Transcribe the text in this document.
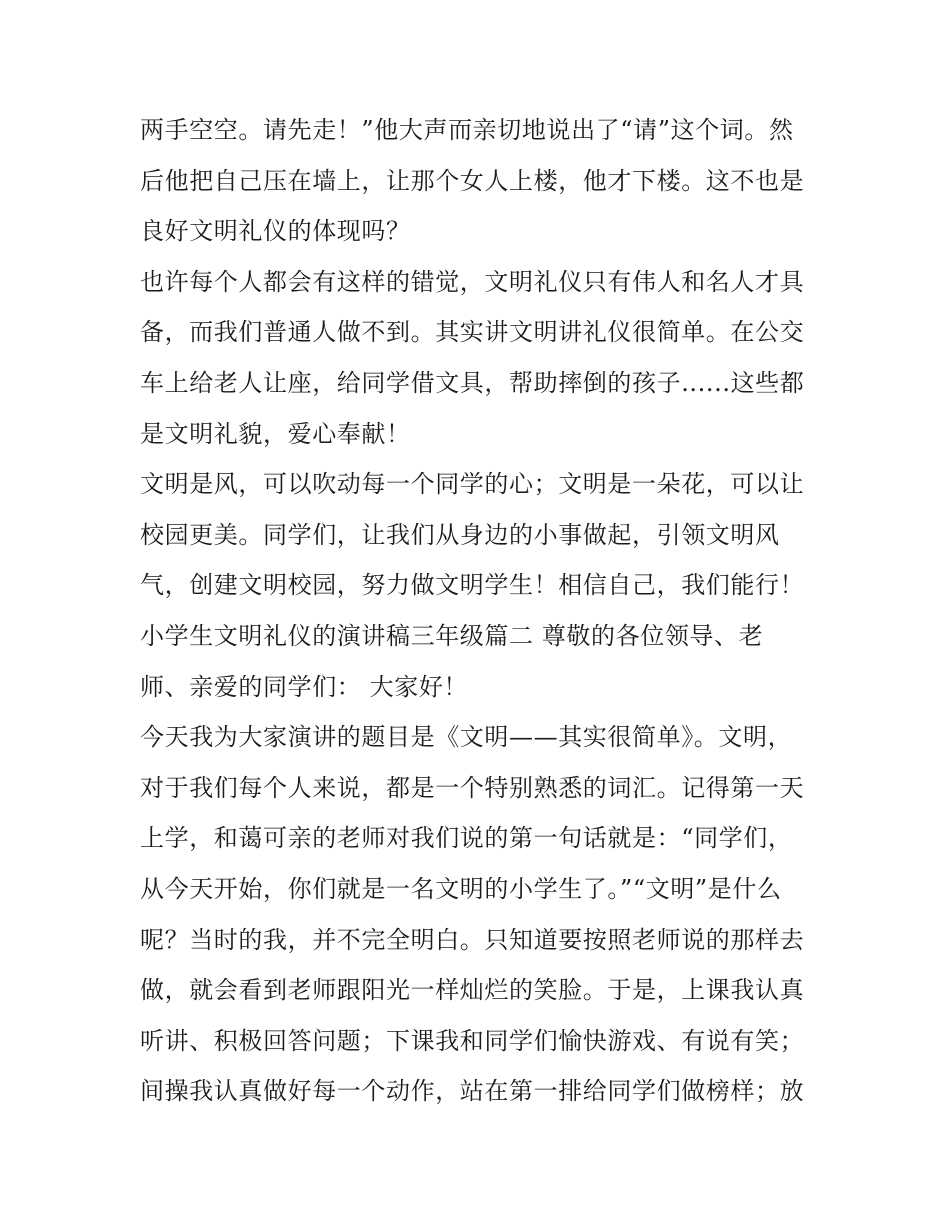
两手空空。请先走！”他大声而亲切地说出了“请”这个词。然
后他把自己压在墙上，让那个女人上楼，他才下楼。这不也是
良好文明礼仪的体现吗？
也许每个人都会有这样的错觉，文明礼仪只有伟人和名人才具
备，而我们普通人做不到。其实讲文明讲礼仪很简单。在公交
车上给老人让座，给同学借文具，帮助摔倒的孩子......这些都
是文明礼貌，爱心奉献！
文明是风，可以吹动每一个同学的心；文明是一朵花，可以让
校园更美。同学们，让我们从身边的小事做起，引领文明风
气，创建文明校园，努力做文明学生！相信自己，我们能行！
小学生文明礼仪的演讲稿三年级篇二 尊敬的各位领导、老
师、亲爱的同学们： 大家好！
今天我为大家演讲的题目是《文明——其实很简单》。文明，
对于我们每个人来说，都是一个特别熟悉的词汇。记得第一天
上学，和蔼可亲的老师对我们说的第一句话就是：“同学们，
从今天开始，你们就是一名文明的小学生了。”“文明”是什么
呢？当时的我，并不完全明白。只知道要按照老师说的那样去
做，就会看到老师跟阳光一样灿烂的笑脸。于是，上课我认真
听讲、积极回答问题；下课我和同学们愉快游戏、有说有笑；
间操我认真做好每一个动作，站在第一排给同学们做榜样；放
